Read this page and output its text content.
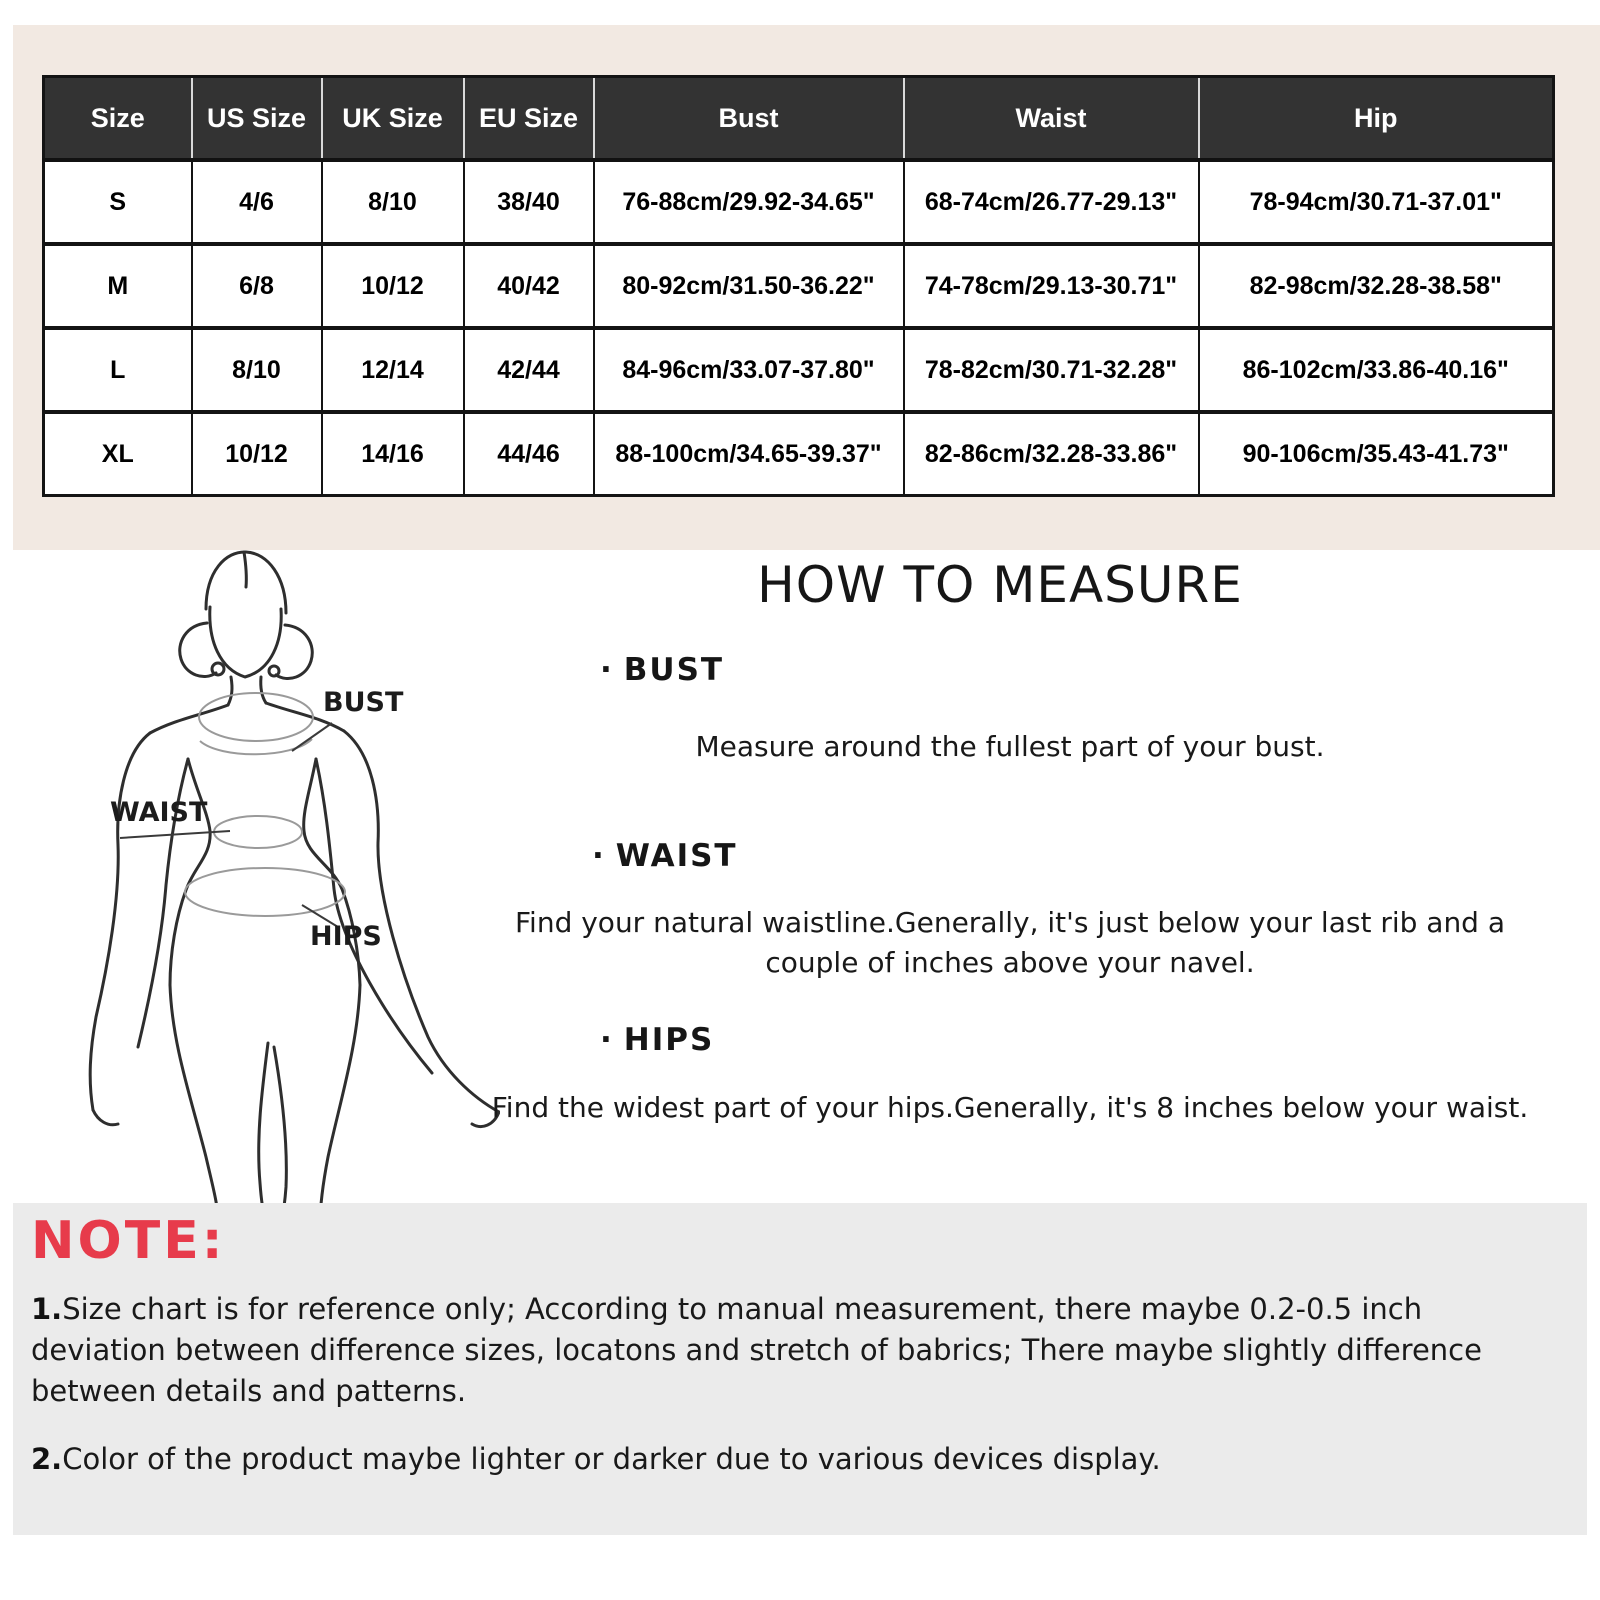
Size	US Size	UK Size	EU Size	Bust	Waist	Hip
S	4/6	8/10	38/40	76-88cm/29.92-34.65"	68-74cm/26.77-29.13"	78-94cm/30.71-37.01"
M	6/8	10/12	40/42	80-92cm/31.50-36.22"	74-78cm/29.13-30.71"	82-98cm/32.28-38.58"
L	8/10	12/14	42/44	84-96cm/33.07-37.80"	78-82cm/30.71-32.28"	86-102cm/33.86-40.16"
XL	10/12	14/16	44/46	88-100cm/34.65-39.37"	82-86cm/32.28-33.86"	90-106cm/35.43-41.73"
BUST
WAIST
HIPS
HOW TO MEASURE
· BUST
Measure around the fullest part of your bust.
· WAIST
Find your natural waistline.Generally, it's just below your last rib and a couple of inches above your navel.
· HIPS
Find the widest part of your hips.Generally, it's 8 inches below your waist.
NOTE:

1.Size chart is for reference only; According to manual measurement, there maybe 0.2-0.5 inch deviation between difference sizes, locatons and stretch of babrics; There maybe slightly difference between details and patterns.

2.Color of the product maybe lighter or darker due to various devices display.
